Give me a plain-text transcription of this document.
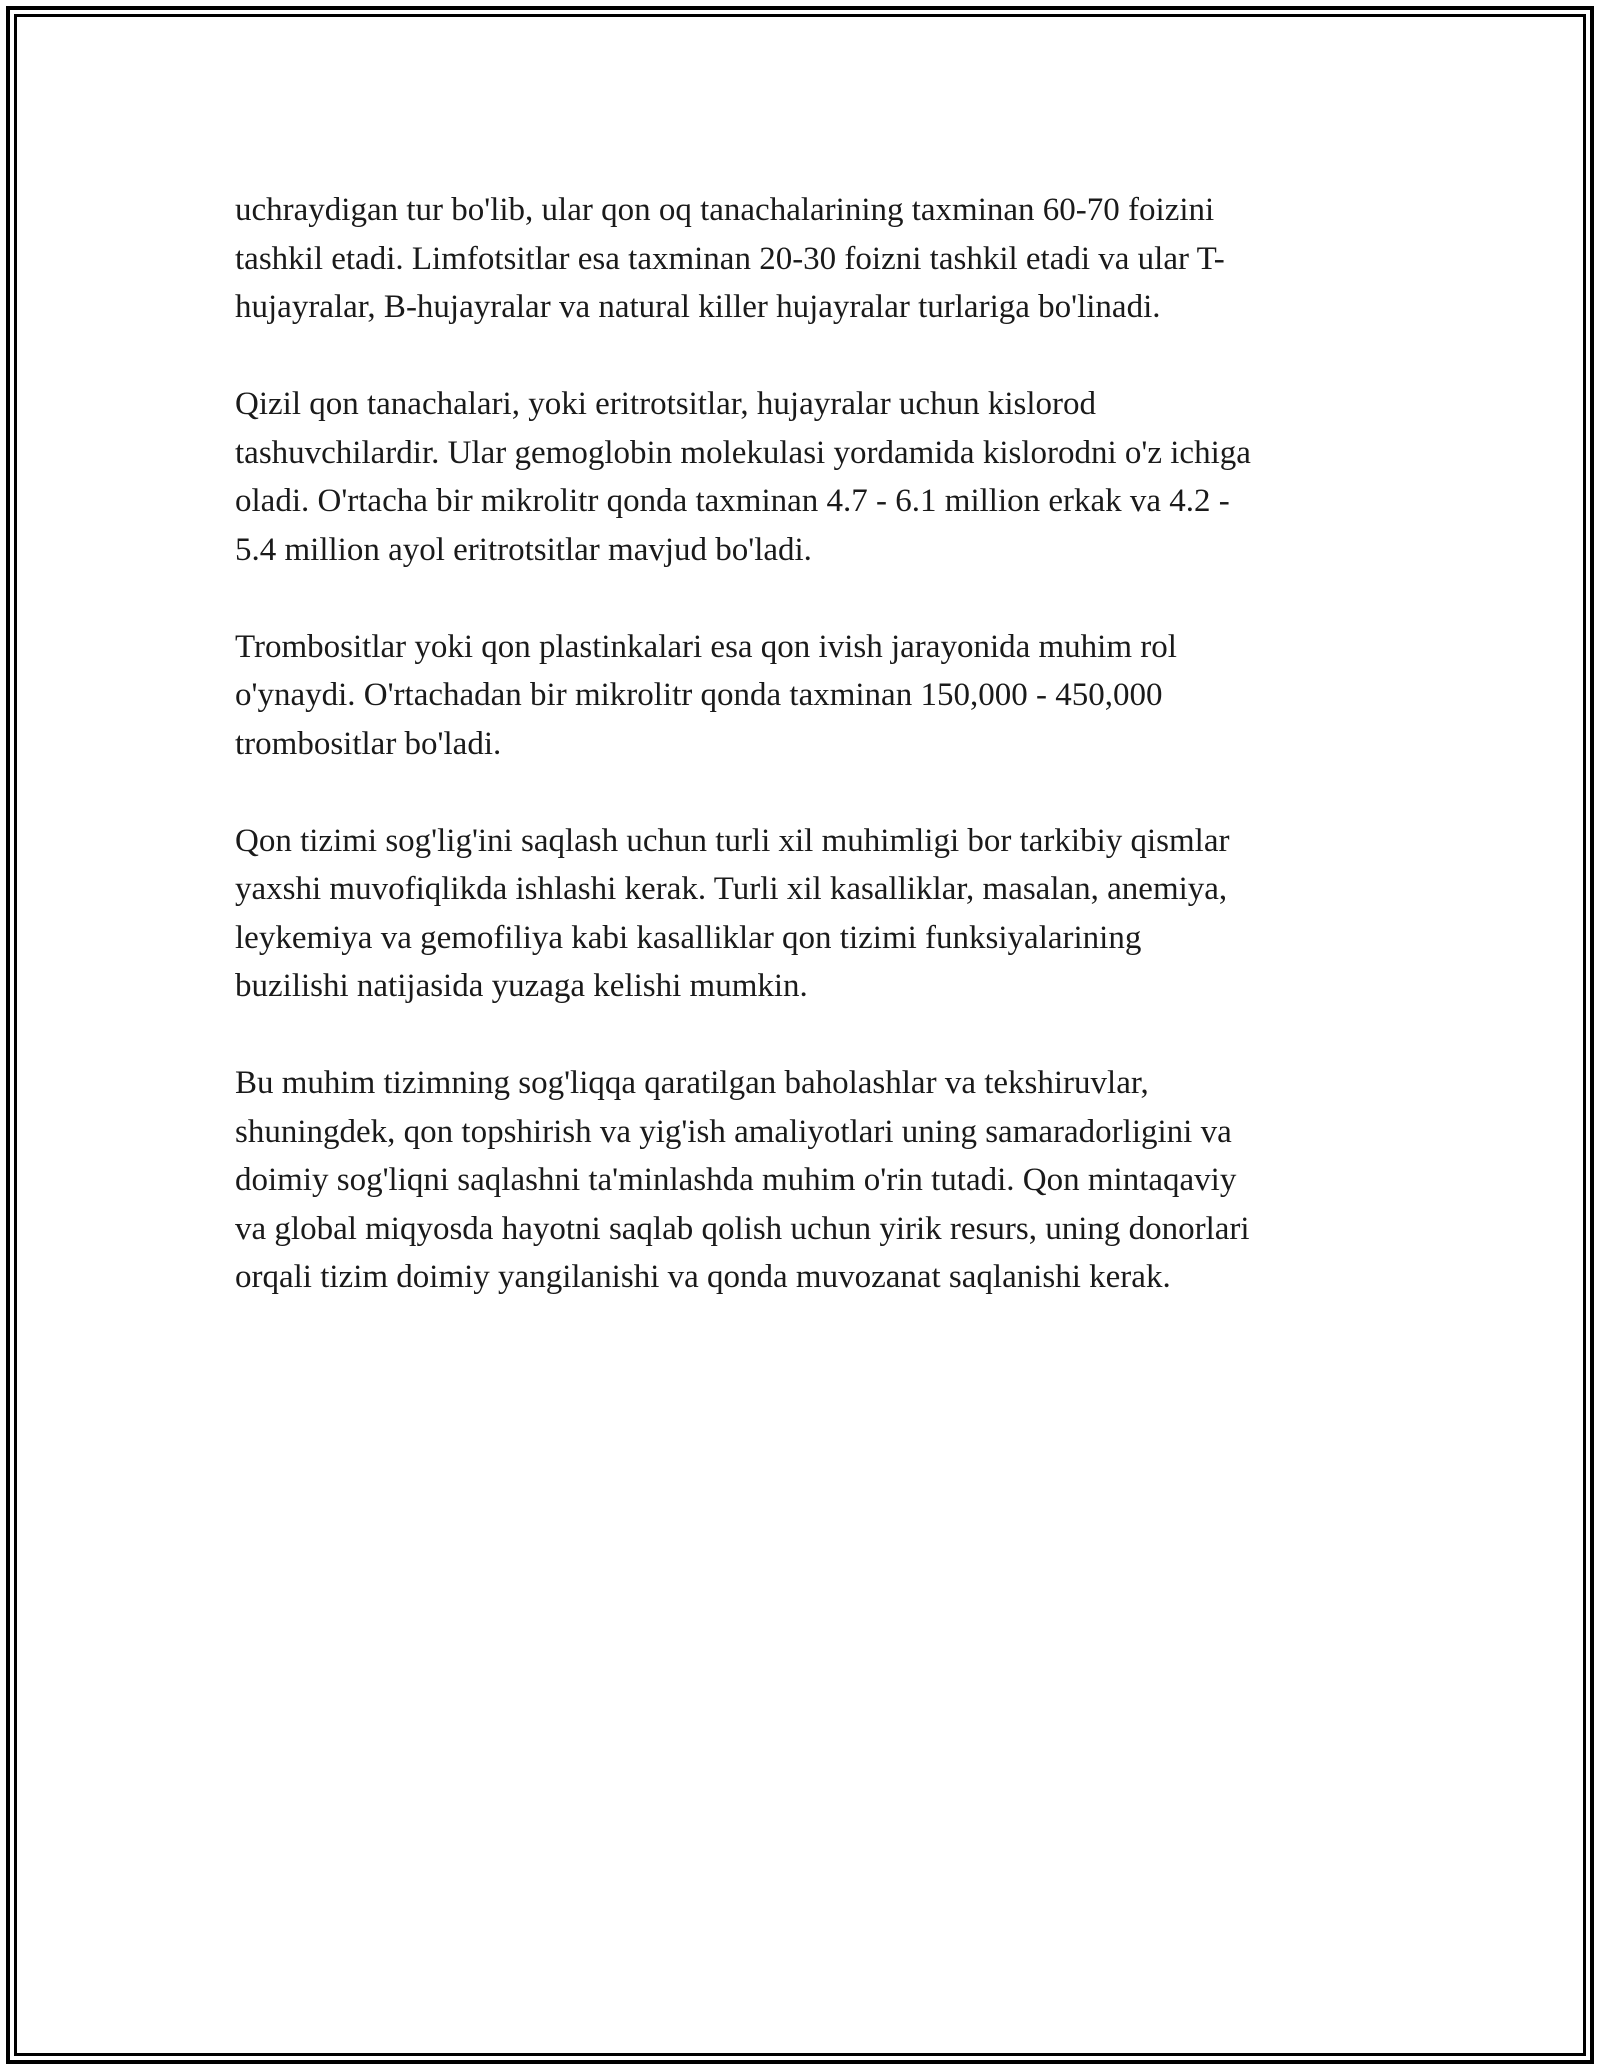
uchraydigan tur bo'lib, ular qon oq tanachalarining taxminan 60-70 foizini
tashkil etadi. Limfotsitlar esa taxminan 20-30 foizni tashkil etadi va ular T-
hujayralar, B-hujayralar va natural killer hujayralar turlariga bo'linadi.

Qizil qon tanachalari, yoki eritrotsitlar, hujayralar uchun kislorod
tashuvchilardir. Ular gemoglobin molekulasi yordamida kislorodni o'z ichiga
oladi. O'rtacha bir mikrolitr qonda taxminan 4.7 - 6.1 million erkak va 4.2 -
5.4 million ayol eritrotsitlar mavjud bo'ladi.

Trombositlar yoki qon plastinkalari esa qon ivish jarayonida muhim rol
o'ynaydi. O'rtachadan bir mikrolitr qonda taxminan 150,000 - 450,000
trombositlar bo'ladi.

Qon tizimi sog'lig'ini saqlash uchun turli xil muhimligi bor tarkibiy qismlar
yaxshi muvofiqlikda ishlashi kerak. Turli xil kasalliklar, masalan, anemiya,
leykemiya va gemofiliya kabi kasalliklar qon tizimi funksiyalarining
buzilishi natijasida yuzaga kelishi mumkin.

Bu muhim tizimning sog'liqqa qaratilgan baholashlar va tekshiruvlar,
shuningdek, qon topshirish va yig'ish amaliyotlari uning samaradorligini va
doimiy sog'liqni saqlashni ta'minlashda muhim o'rin tutadi. Qon mintaqaviy
va global miqyosda hayotni saqlab qolish uchun yirik resurs, uning donorlari
orqali tizim doimiy yangilanishi va qonda muvozanat saqlanishi kerak.
